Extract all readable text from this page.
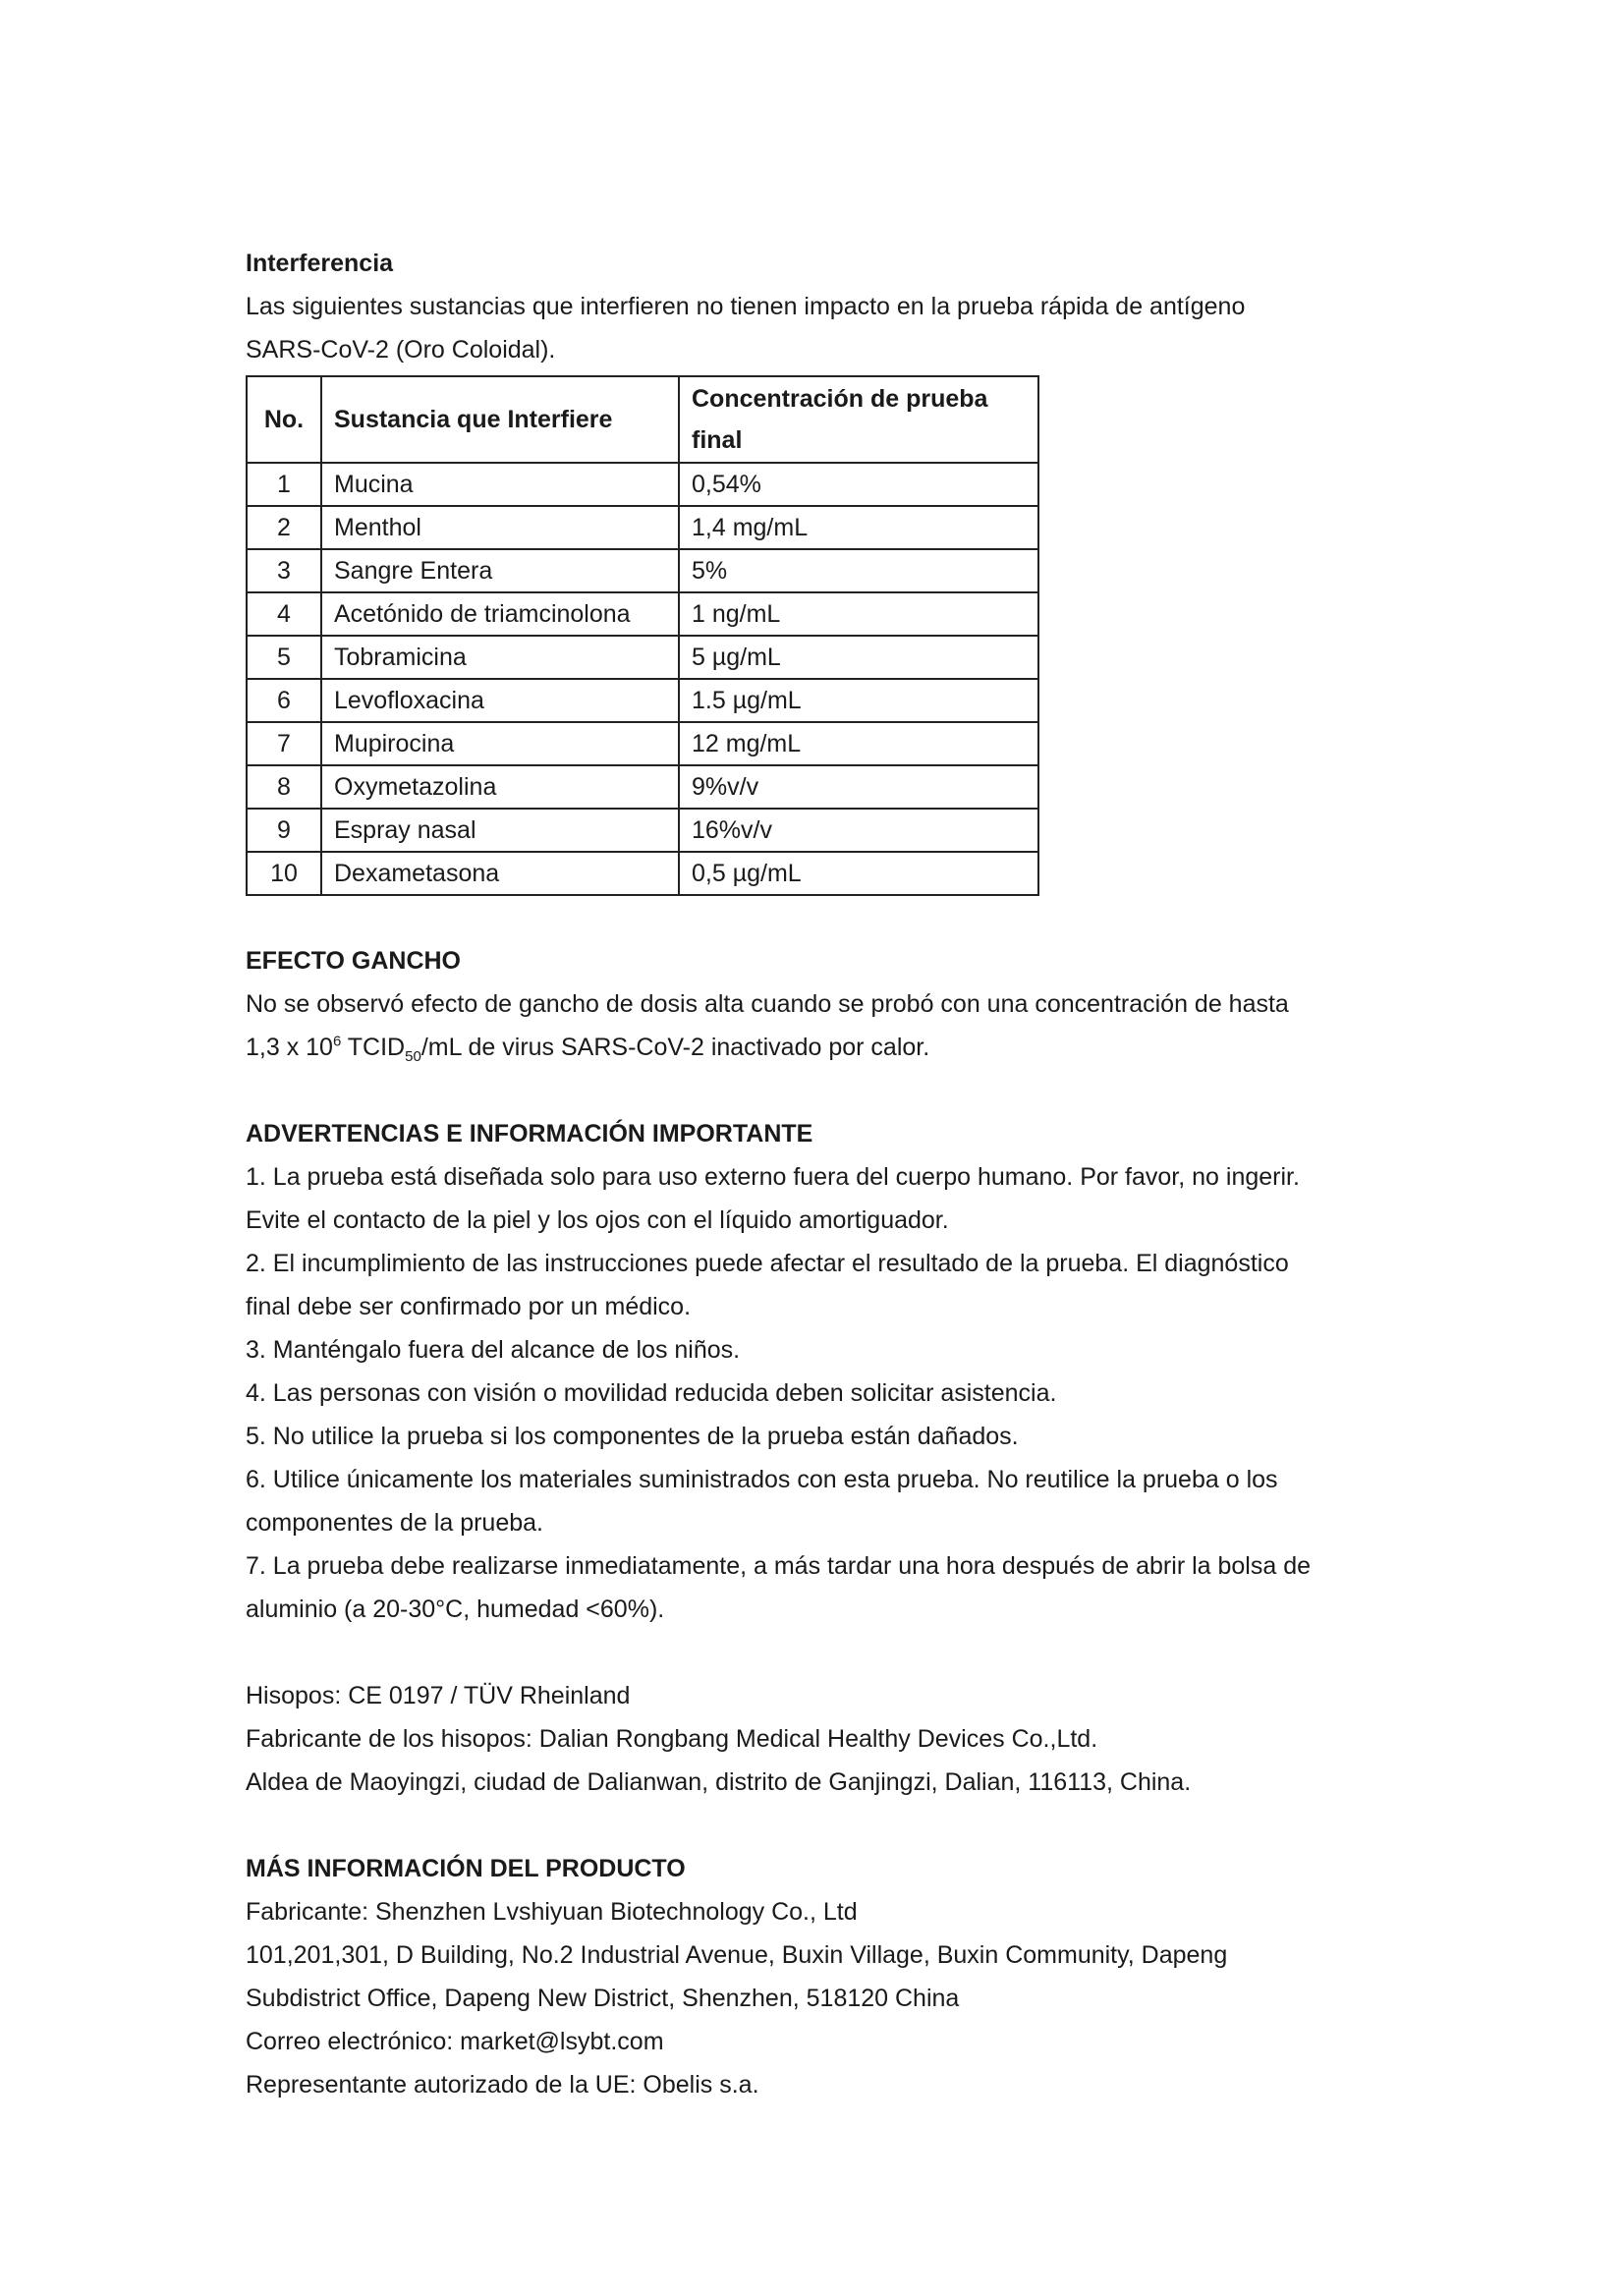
Interferencia

Las siguientes sustancias que interfieren no tienen impacto en la prueba rápida de antígeno

SARS-CoV-2 (Oro Coloidal).

No.	Sustancia que Interfiere	Concentración de prueba
final

1	Mucina	0,54%
2	Menthol	1,4 mg/mL
3	Sangre Entera	5%
4	Acetónido de triamcinolona	1 ng/mL
5	Tobramicina	5 µg/mL
6	Levofloxacina	1.5 µg/mL
7	Mupirocina	12 mg/mL
8	Oxymetazolina	9%v/v
9	Espray nasal	16%v/v
10	Dexametasona	0,5 µg/mL

EFECTO GANCHO

No se observó efecto de gancho de dosis alta cuando se probó con una concentración de hasta

1,3 x $10^6$ $TCID_{50}/mL$ de virus SARS-CoV-2 inactivado por calor.

ADVERTENCIAS E INFORMACIÓN IMPORTANTE

1. La prueba está diseñada solo para uso externo fuera del cuerpo humano. Por favor, no ingerir.

Evite el contacto de la piel y los ojos con el líquido amortiguador.

2. El incumplimiento de las instrucciones puede afectar el resultado de la prueba. El diagnóstico

final debe ser confirmado por un médico.

3. Manténgalo fuera del alcance de los niños.

4. Las personas con visión o movilidad reducida deben solicitar asistencia.

5. No utilice la prueba si los componentes de la prueba están dañados.

6. Utilice únicamente los materiales suministrados con esta prueba. No reutilice la prueba o los

componentes de la prueba.

7. La prueba debe realizarse inmediatamente, a más tardar una hora después de abrir la bolsa de

aluminio (a 20-30°C, humedad <60%).

Hisopos: CE 0197 / TÜV Rheinland

Fabricante de los hisopos: Dalian Rongbang Medical Healthy Devices Co.,Ltd.

Aldea de Maoyingzi, ciudad de Dalianwan, distrito de Ganjingzi, Dalian, 116113, China.

MÁS INFORMACIÓN DEL PRODUCTO

Fabricante: Shenzhen Lvshiyuan Biotechnology Co., Ltd

101,201,301, D Building, No.2 Industrial Avenue, Buxin Village, Buxin Community, Dapeng

Subdistrict Office, Dapeng New District, Shenzhen, 518120 China

Correo electrónico: market@lsybt.com

Representante autorizado de la UE: Obelis s.a.
